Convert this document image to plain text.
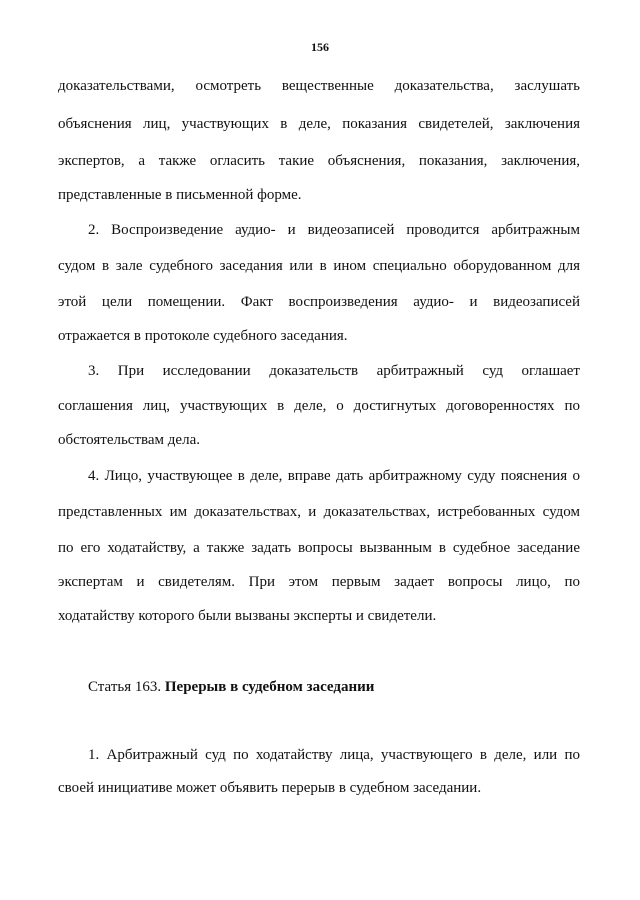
156
доказательствами, осмотреть вещественные доказательства, заслушать
объяснения лиц, участвующих в деле, показания свидетелей, заключения
экспертов, а также огласить такие объяснения, показания, заключения,
представленные в письменной форме.
2. Воспроизведение аудио- и видеозаписей проводится арбитражным
судом в зале судебного заседания или в ином специально оборудованном для
этой цели помещении. Факт воспроизведения аудио- и видеозаписей
отражается в протоколе судебного заседания.
3. При исследовании доказательств арбитражный суд оглашает
соглашения лиц, участвующих в деле, о достигнутых договоренностях по
обстоятельствам дела.
4. Лицо, участвующее в деле, вправе дать арбитражному суду пояснения о
представленных им доказательствах, и доказательствах, истребованных судом
по его ходатайству, а также задать вопросы вызванным в судебное заседание
экспертам и свидетелям. При этом первым задает вопросы лицо, по
ходатайству которого были вызваны эксперты и свидетели.
Статья 163. Перерыв в судебном заседании
1. Арбитражный суд по ходатайству лица, участвующего в деле, или по
своей инициативе может объявить перерыв в судебном заседании.
